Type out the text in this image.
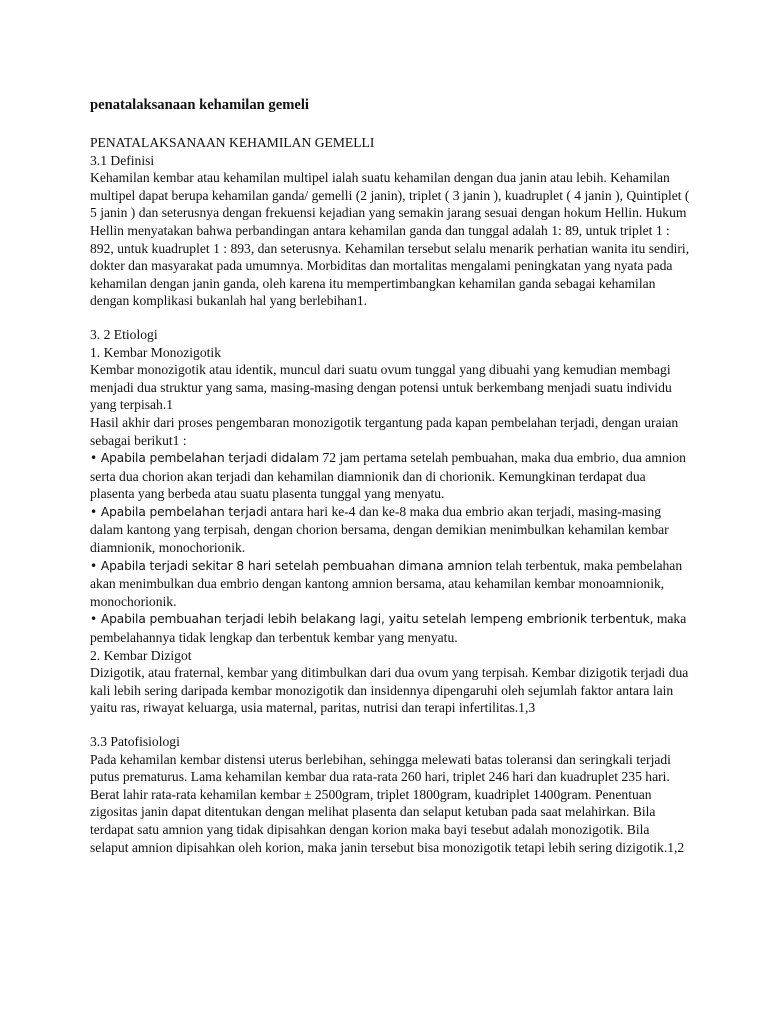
penatalaksanaan kehamilan gemeli
PENATALAKSANAAN KEHAMILAN GEMELLI
3.1 Definisi

Kehamilan kembar atau kehamilan multipel ialah suatu kehamilan dengan dua janin atau lebih. Kehamilan multipel dapat berupa kehamilan ganda/ gemelli (2 janin), triplet ( 3 janin ), kuadruplet ( 4 janin ), Quintiplet ( 5 janin ) dan seterusnya dengan frekuensi kejadian yang semakin jarang sesuai dengan hokum Hellin. Hukum Hellin menyatakan bahwa perbandingan antara kehamilan ganda dan tunggal adalah 1: 89, untuk triplet 1 : 892, untuk kuadruplet 1 : 893, dan seterusnya. Kehamilan tersebut selalu menarik perhatian wanita itu sendiri, dokter dan masyarakat pada umumnya. Morbiditas dan mortalitas mengalami peningkatan yang nyata pada kehamilan dengan janin ganda, oleh karena itu mempertimbangkan kehamilan ganda sebagai kehamilan dengan komplikasi bukanlah hal yang berlebihan1.

3. 2 Etiologi
1. Kembar Monozigotik

Kembar monozigotik atau identik, muncul dari suatu ovum tunggal yang dibuahi yang kemudian membagi menjadi dua struktur yang sama, masing-masing dengan potensi untuk berkembang menjadi suatu individu yang terpisah.1

Hasil akhir dari proses pengembaran monozigotik tergantung pada kapan pembelahan terjadi, dengan uraian sebagai berikut1 :

• Apabila pembelahan terjadi didalam 72 jam pertama setelah pembuahan, maka dua embrio, dua amnion serta dua chorion akan terjadi dan kehamilan diamnionik dan di chorionik. Kemungkinan terdapat dua plasenta yang berbeda atau suatu plasenta tunggal yang menyatu.
• Apabila pembelahan terjadi antara hari ke-4 dan ke-8 maka dua embrio akan terjadi, masing-masing dalam kantong yang terpisah, dengan chorion bersama, dengan demikian menimbulkan kehamilan kembar diamnionik, monochorionik.
• Apabila terjadi sekitar 8 hari setelah pembuahan dimana amnion telah terbentuk, maka pembelahan akan menimbulkan dua embrio dengan kantong amnion bersama, atau kehamilan kembar monoamnionik, monochorionik.
• Apabila pembuahan terjadi lebih belakang lagi, yaitu setelah lempeng embrionik terbentuk, maka pembelahannya tidak lengkap dan terbentuk kembar yang menyatu.
2. Kembar Dizigot

Dizigotik, atau fraternal, kembar yang ditimbulkan dari dua ovum yang terpisah. Kembar dizigotik terjadi dua kali lebih sering daripada kembar monozigotik dan insidennya dipengaruhi oleh sejumlah faktor antara lain yaitu ras, riwayat keluarga, usia maternal, paritas, nutrisi dan terapi infertilitas.1,3

3.3 Patofisiologi

Pada kehamilan kembar distensi uterus berlebihan, sehingga melewati batas toleransi dan seringkali terjadi putus prematurus. Lama kehamilan kembar dua rata-rata 260 hari, triplet 246 hari dan kuadruplet 235 hari. Berat lahir rata-rata kehamilan kembar ± 2500gram, triplet 1800gram, kuadriplet 1400gram. Penentuan zigositas janin dapat ditentukan dengan melihat plasenta dan selaput ketuban pada saat melahirkan. Bila terdapat satu amnion yang tidak dipisahkan dengan korion maka bayi tesebut adalah monozigotik. Bila selaput amnion dipisahkan oleh korion, maka janin tersebut bisa monozigotik tetapi lebih sering dizigotik.1,2
